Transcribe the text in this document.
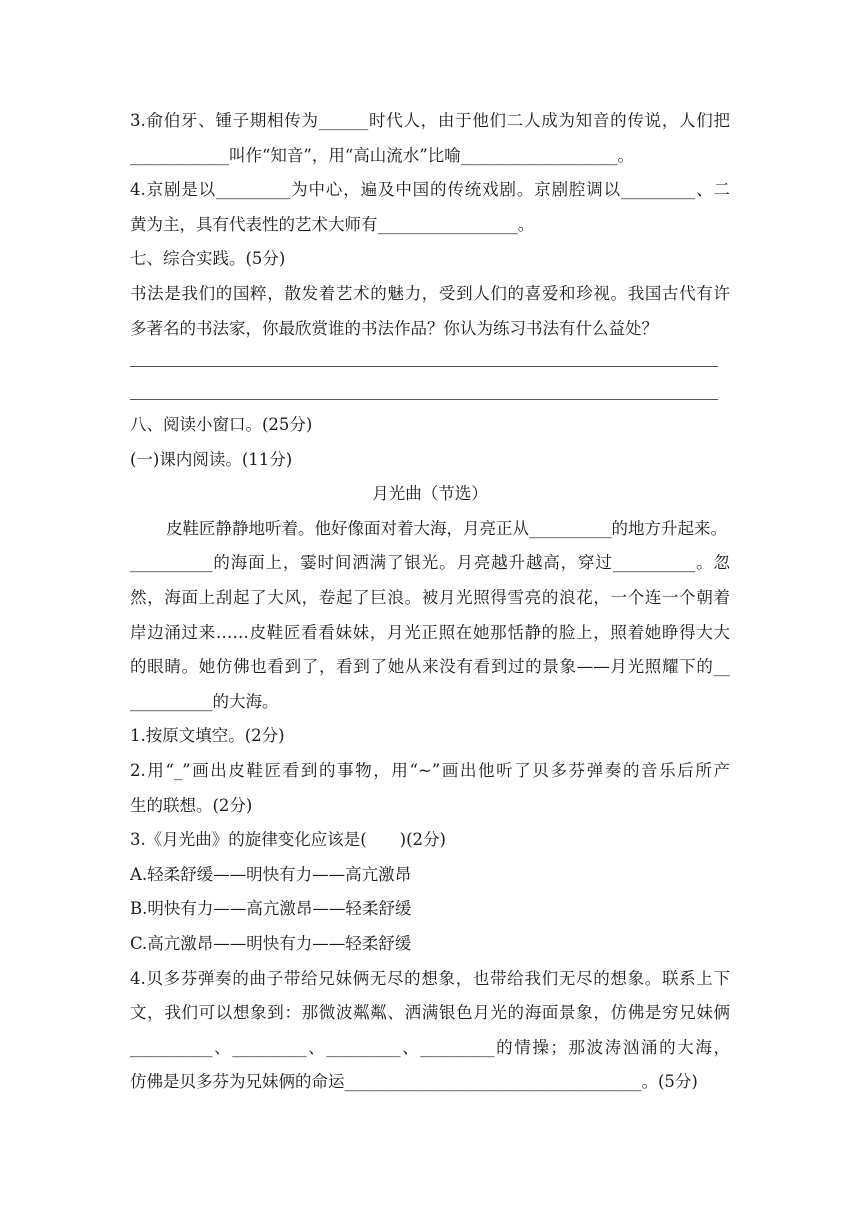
3.俞伯牙、锺子期相传为______时代人，由于他们二人成为知音的传说，人们把
____________叫作“知音”，用“高山流水”比喻___________________。
4.京剧是以_________为中心，遍及中国的传统戏剧。京剧腔调以_________、二
黄为主，具有代表性的艺术大师有_________________。
七、综合实践。(5分)
书法是我们的国粹，散发着艺术的魅力，受到人们的喜爱和珍视。我国古代有许
多著名的书法家，你最欣赏谁的书法作品？你认为练习书法有什么益处？
八、阅读小窗口。(25分)
(一)课内阅读。(11分)
月光曲（节选）
皮鞋匠静静地听着。他好像面对着大海，月亮正从__________的地方升起来。
__________的海面上，霎时间洒满了银光。月亮越升越高，穿过__________。忽
然，海面上刮起了大风，卷起了巨浪。被月光照得雪亮的浪花，一个连一个朝着
岸边涌过来……皮鞋匠看看妹妹，月光正照在她那恬静的脸上，照着她睁得大大
的眼睛。她仿佛也看到了，看到了她从来没有看到过的景象——月光照耀下的__
__________的大海。
1.按原文填空。(2分)
2.用“_”画出皮鞋匠看到的事物，用“~”画出他听了贝多芬弹奏的音乐后所产
生的联想。(2分)
3.《月光曲》的旋律变化应该是(　　)(2分)
A.轻柔舒缓——明快有力——高亢激昂
B.明快有力——高亢激昂——轻柔舒缓
C.高亢激昂——明快有力——轻柔舒缓
4.贝多芬弹奏的曲子带给兄妹俩无尽的想象，也带给我们无尽的想象。联系上下
文，我们可以想象到：那微波粼粼、洒满银色月光的海面景象，仿佛是穷兄妹俩
__________、_________、_________、_________的情操；那波涛汹涌的大海，
仿佛是贝多芬为兄妹俩的命运____________________________________。(5分)
